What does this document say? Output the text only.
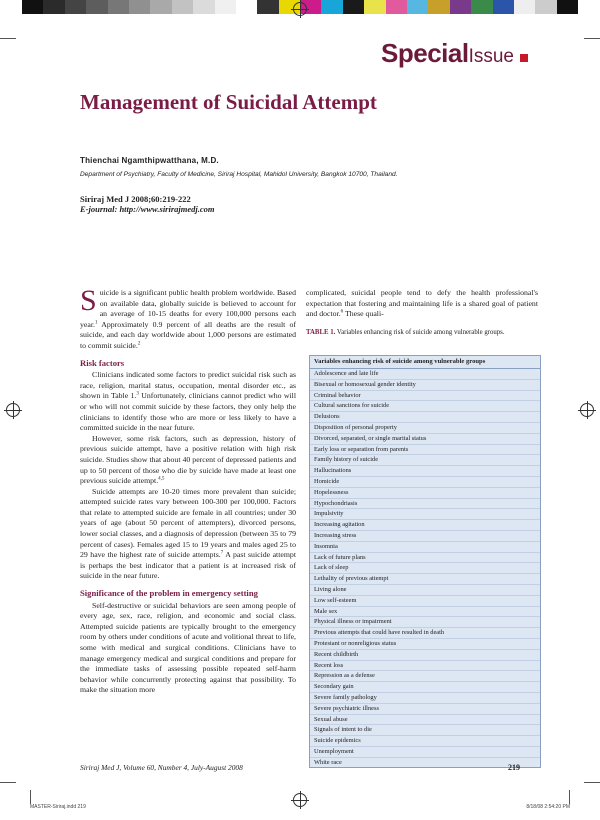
SpecialIssue
Management of Suicidal Attempt
Thienchai Ngamthipwatthana, M.D.
Department of Psychiatry, Faculty of Medicine, Siriraj Hospital, Mahidol University, Bangkok 10700, Thailand.
Siriraj Med J 2008;60:219-222
E-journal: http://www.sirirajmedj.com

Suicide is a significant public health problem worldwide. Based on available data, globally suicide is believed to account for an average of 10-15 deaths for every 100,000 persons each year.$^1$ Approximately 0.9 percent of all deaths are the result of suicide, and each day worldwide about 1,000 persons are estimated to commit suicide.$^2$

Risk factors

Clinicians indicated some factors to predict suicidal risk such as race, religion, marital status, occupation, mental disorder etc., as shown in Table 1.$^3$ Unfortunately, clinicians cannot predict who will or who will not commit suicide by these factors, they only help the clinicians to identify those who are more or less likely to have a committed suicide in the near future.

However, some risk factors, such as depression, history of previous suicide attempt, have a positive relation with high risk suicide. Studies show that about 40 percent of depressed patients and up to 50 percent of those who die by suicide have made at least one previous suicide attempt.$^{4,5}$

Suicide attempts are 10-20 times more prevalent than suicide; attempted suicide rates vary between 100-300 per 100,000. Factors that relate to attempted suicide are female in all countries; under 30 years of age (about 50 percent of attempters), divorced persons, lower social classes, and a diagnosis of depression (between 35 to 79 percent of cases). Females aged 15 to 19 years and males aged 25 to 29 have the highest rate of suicide attempts.$^7$ A past suicide attempt is perhaps the best indicator that a patient is at increased risk of suicide in the near future.

Significance of the problem in emergency setting

Self-destructive or suicidal behaviors are seen among people of every age, sex, race, religion, and economic and social class. Attempted suicide patients are typically brought to the emergency room by others under conditions of acute and volitional threat to life, some with medical and surgical conditions. Clinicians have to manage emergency medical and surgical conditions and prepare for the immediate tasks of assessing possible repeated self-harm behavior while concurrently protecting against that possibility. To make the situation more

complicated, suicidal people tend to defy the health professional's expectation that fostering and maintaining life is a shared goal of patient and doctor.$^6$ These quali-

TABLE 1. Variables enhancing risk of suicide among vulnerable groups.
Variables enhancing risk of suicide among vulnerable groups
Adolescence and late life
Bisexual or homosexual gender identity
Criminal behavior
Cultural sanctions for suicide
Delusions
Disposition of personal property
Divorced, separated, or single marital status
Early loss or separation from parents
Family history of suicide
Hallucinations
Homicide
Hopelessness
Hypochondriasis
Impulsivity
Increasing agitation
Increasing stress
Insomnia
Lack of future plans
Lack of sleep
Lethality of previous attempt
Living alone
Low self-esteem
Male sex
Physical illness or impairment
Previous attempts that could have resulted in death
Protestant or nonreligious status
Recent childbirth
Recent loss
Repression as a defense
Secondary gain
Severe family pathology
Severe psychiatric illness
Sexual abuse
Signals of intent to die
Suicide epidemics
Unemployment
White race
Siriraj Med J, Volume 60, Number 4, July-August 2008	219
MASTER-Siriraj.indd 219	8/18/08 2:54:20 PM
